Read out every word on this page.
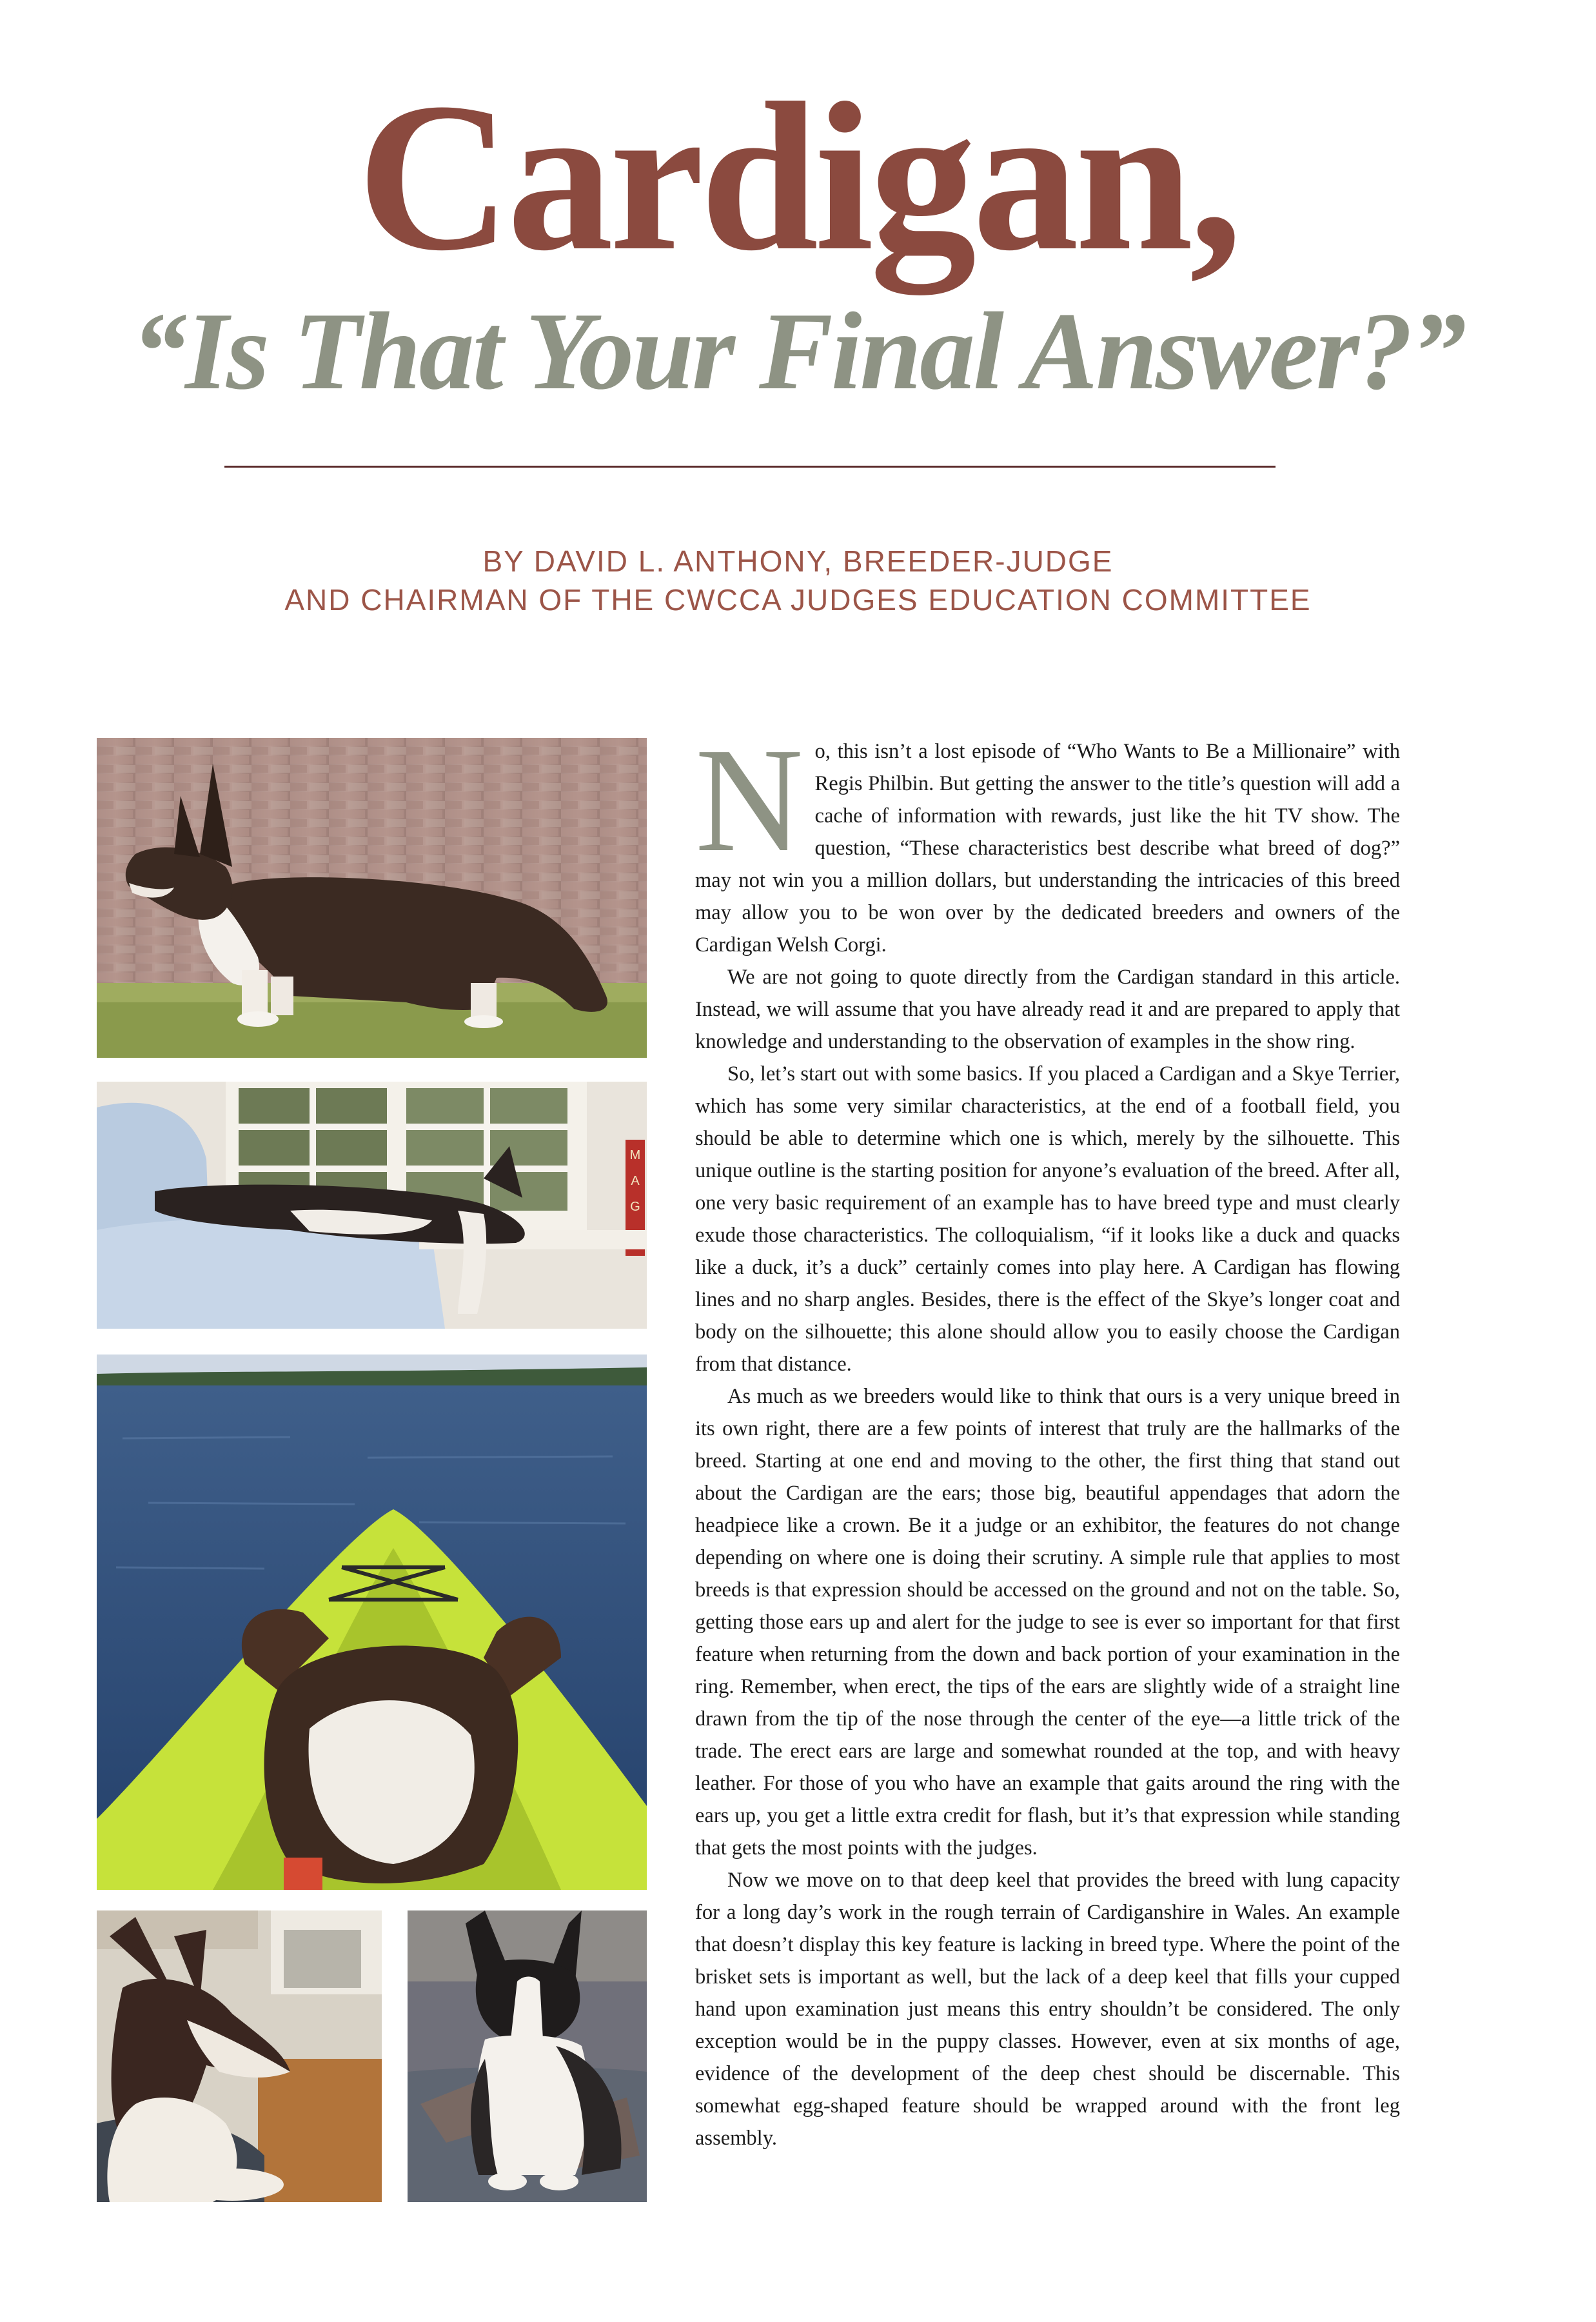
Cardigan,
“Is That Your Final Answer?”
BY DAVID L. ANTHONY, BREEDER-JUDGE
AND CHAIRMAN OF THE CWCCA JUDGES EDUCATION COMMITTEE
M
A
G

No, this isn’t a lost episode of “Who Wants to Be a Millionaire” with Regis Philbin. But getting the answer to the title’s question will add a cache of information with rewards, just like the hit TV show. The question, “These characteristics best describe what breed of dog?” may not win you a million dollars, but understanding the intricacies of this breed may allow you to be won over by the dedicated breeders and owners of the Cardigan Welsh Corgi.

We are not going to quote directly from the Cardigan standard in this article. Instead, we will assume that you have already read it and are prepared to apply that knowledge and understanding to the observation of examples in the show ring.

So, let’s start out with some basics. If you placed a Cardigan and a Skye Terrier, which has some very similar characteristics, at the end of a football field, you should be able to determine which one is which, merely by the silhouette. This unique outline is the starting position for anyone’s evaluation of the breed. After all, one very basic requirement of an example has to have breed type and must clearly exude those characteristics. The colloquialism, “if it looks like a duck and quacks like a duck, it’s a duck” certainly comes into play here. A Cardigan has flowing lines and no sharp angles. Besides, there is the effect of the Skye’s longer coat and body on the silhouette; this alone should allow you to easily choose the Cardigan from that distance.

As much as we breeders would like to think that ours is a very unique breed in its own right, there are a few points of interest that truly are the hallmarks of the breed. Starting at one end and moving to the other, the first thing that stand out about the Cardigan are the ears; those big, beautiful appendages that adorn the headpiece like a crown. Be it a judge or an exhibitor, the features do not change depending on where one is doing their scrutiny. A simple rule that applies to most breeds is that expression should be accessed on the ground and not on the table. So, getting those ears up and alert for the judge to see is ever so important for that first feature when returning from the down and back portion of your examination in the ring. Remember, when erect, the tips of the ears are slightly wide of a straight line drawn from the tip of the nose through the center of the eye—a little trick of the trade. The erect ears are large and somewhat rounded at the top, and with heavy leather. For those of you who have an example that gaits around the ring with the ears up, you get a little extra credit for flash, but it’s that expression while standing that gets the most points with the judges.

Now we move on to that deep keel that provides the breed with lung capacity for a long day’s work in the rough terrain of Cardiganshire in Wales. An example that doesn’t display this key feature is lacking in breed type. Where the point of the brisket sets is important as well, but the lack of a deep keel that fills your cupped hand upon examination just means this entry shouldn’t be considered. The only exception would be in the puppy classes. However, even at six months of age, evidence of the development of the deep chest should be discernable. This somewhat egg-shaped feature should be wrapped around with the front leg assembly.
